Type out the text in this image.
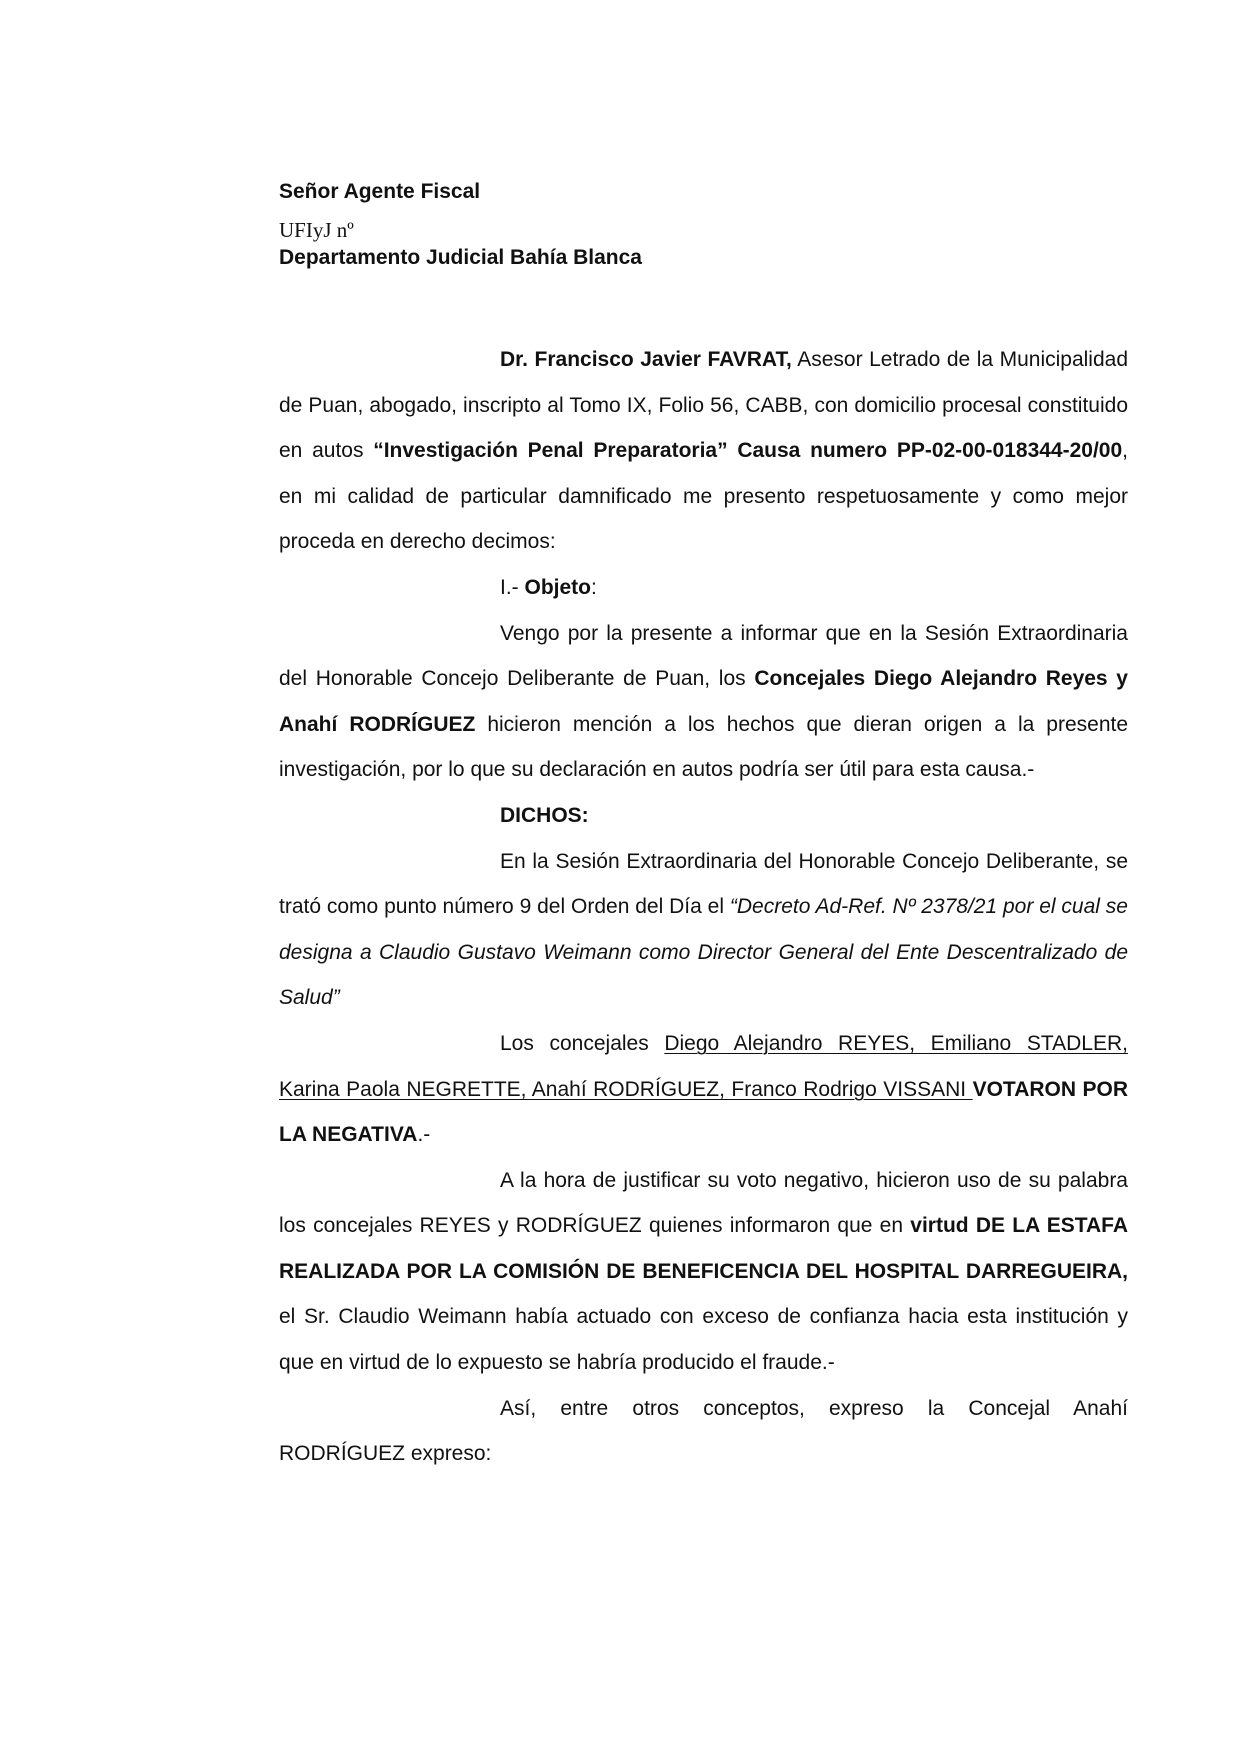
Señor Agente Fiscal

UFIyJ nº

Departamento Judicial Bahía Blanca

Dr. Francisco Javier FAVRAT, Asesor Letrado de la Municipalidad de Puan, abogado, inscripto al Tomo IX, Folio 56, CABB, con domicilio procesal constituido en autos “Investigación Penal Preparatoria” Causa numero PP-02-00-018344-20/00, en mi calidad de particular damnificado me presento respetuosamente y como mejor proceda en derecho decimos:

I.- Objeto:

Vengo por la presente a informar que en la Sesión Extraordinaria del Honorable Concejo Deliberante de Puan, los Concejales Diego Alejandro Reyes y Anahí RODRÍGUEZ hicieron mención a los hechos que dieran origen a la presente investigación, por lo que su declaración en autos podría ser útil para esta causa.-

DICHOS:

En la Sesión Extraordinaria del Honorable Concejo Deliberante, se trató como punto número 9 del Orden del Día el “Decreto Ad-Ref. Nº 2378/21 por el cual se designa a Claudio Gustavo Weimann como Director General del Ente Descentralizado de Salud”

Los concejales Diego Alejandro REYES, Emiliano STADLER, Karina Paola NEGRETTE, Anahí RODRÍGUEZ, Franco Rodrigo VISSANI VOTARON POR LA NEGATIVA.-

A la hora de justificar su voto negativo, hicieron uso de su palabra los concejales REYES y RODRÍGUEZ quienes informaron que en virtud DE LA ESTAFA REALIZADA POR LA COMISIÓN DE BENEFICENCIA DEL HOSPITAL DARREGUEIRA, el Sr. Claudio Weimann había actuado con exceso de confianza hacia esta institución y que en virtud de lo expuesto se habría producido el fraude.-

Así, entre otros conceptos, expreso la Concejal Anahí RODRÍGUEZ expreso:
